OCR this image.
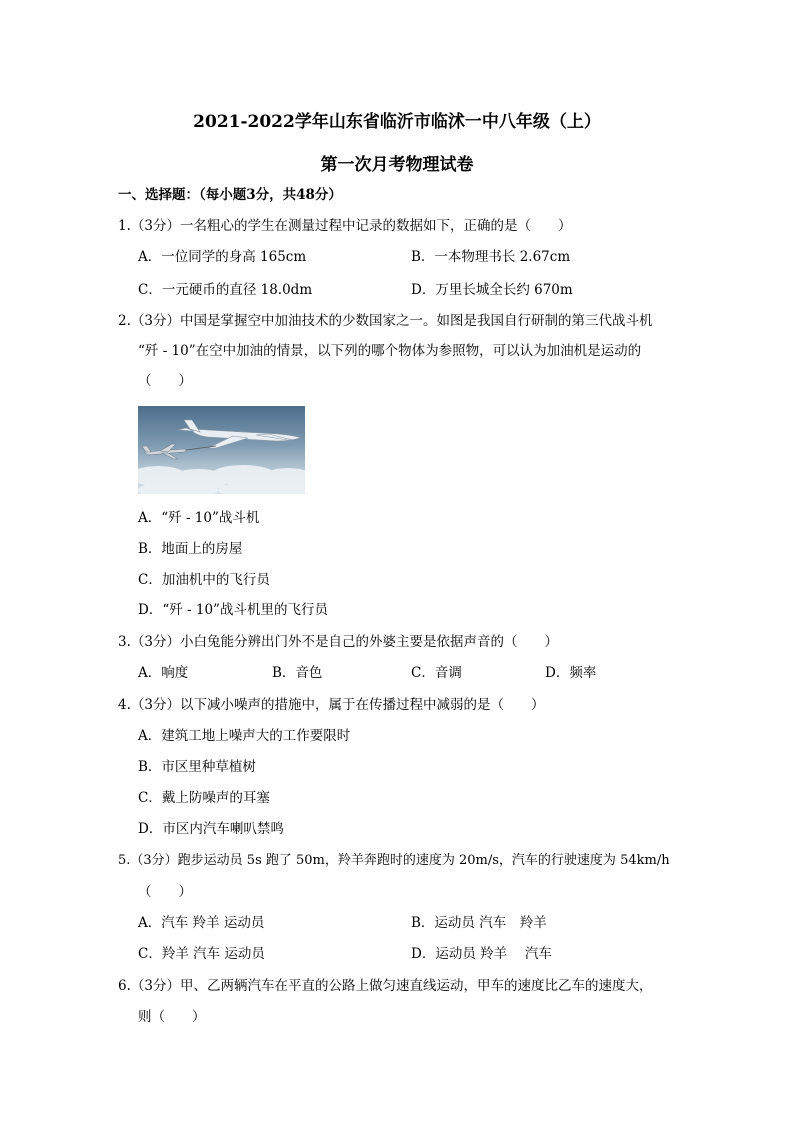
2021-2022学年山东省临沂市临沭一中八年级（上）
第一次月考物理试卷
一、选择题：（每小题3分，共48分）
1.（3分）一名粗心的学生在测量过程中记录的数据如下，正确的是（　　）
A．一位同学的身高 165cm	B．一本物理书长 2.67cm
C．一元硬币的直径 18.0dm	D．万里长城全长约 670m
2.（3分）中国是掌握空中加油技术的少数国家之一。如图是我国自行研制的第三代战斗机
“歼 - 10”在空中加油的情景，以下列的哪个物体为参照物，可以认为加油机是运动的
（　　）
A．“歼 - 10”战斗机
B．地面上的房屋
C．加油机中的飞行员
D．“歼 - 10”战斗机里的飞行员
3.（3分）小白兔能分辨出门外不是自己的外婆主要是依据声音的（　　）
A．响度	B．音色	C．音调	D．频率
4.（3分）以下减小噪声的措施中，属于在传播过程中减弱的是（　　）
A．建筑工地上噪声大的工作要限时
B．市区里种草植树
C．戴上防噪声的耳塞
D．市区内汽车喇叭禁鸣
5.（3分）跑步运动员 5s 跑了 50m，羚羊奔跑时的速度为 20m/s，汽车的行驶速度为 54km/h
（　　）
A．汽车 羚羊 运动员	B．运动员 汽车　羚羊
C．羚羊 汽车 运动员	D．运动员 羚羊　 汽车
6.（3分）甲、乙两辆汽车在平直的公路上做匀速直线运动，甲车的速度比乙车的速度大，
则（　　）
